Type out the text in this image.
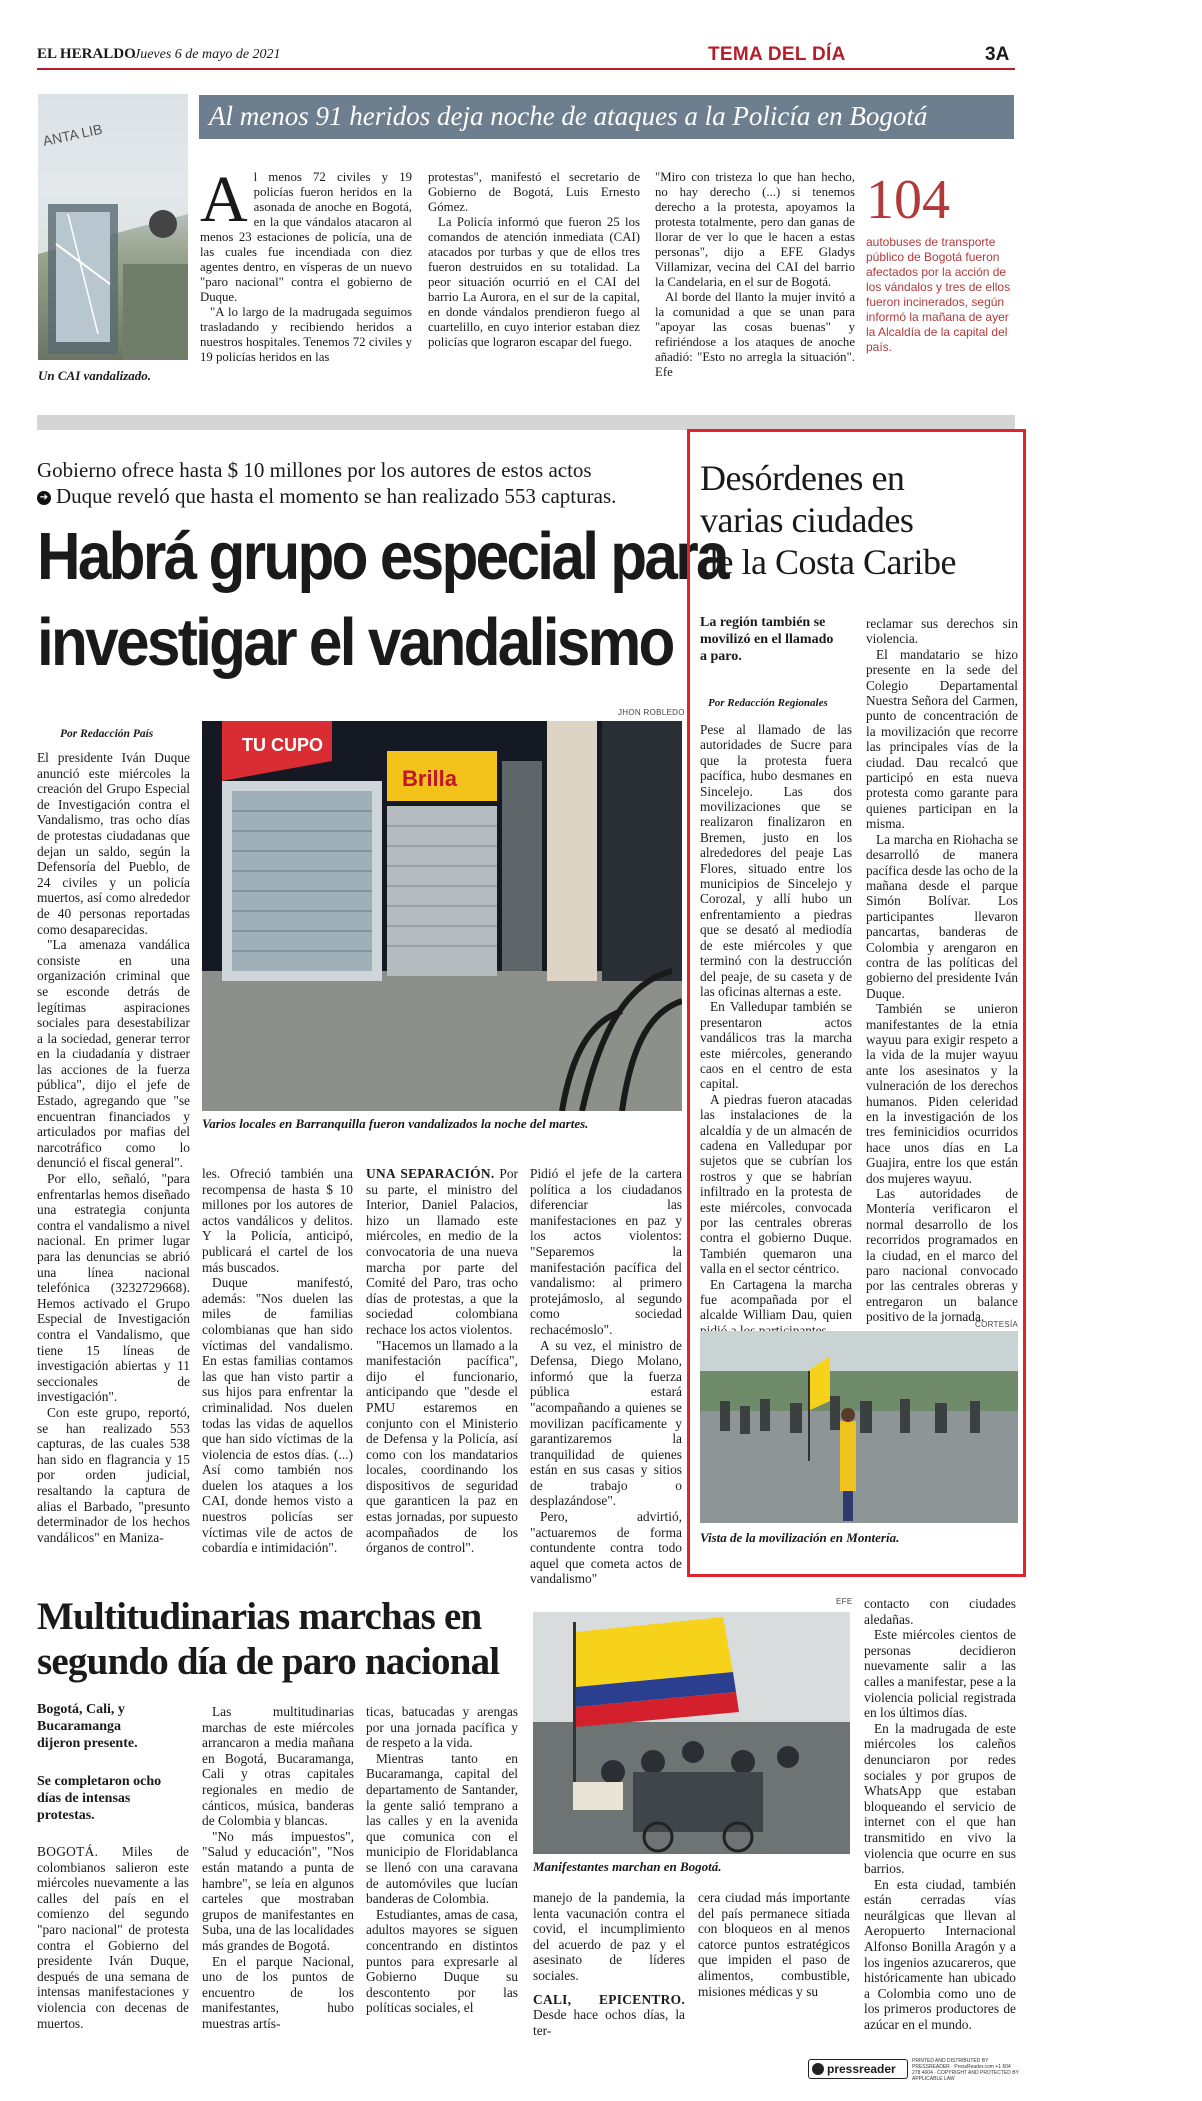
EL HERALDO
Jueves 6 de mayo de 2021	TEMA DEL DÍA	3A
ANTA LIB
Un CAI vandalizado.
Al menos 91 heridos deja noche de ataques a la Policía en Bogotá

Al menos 72 civiles y 19 policías fueron heridos en la asonada de anoche en Bogotá, en la que vándalos atacaron al menos 23 estaciones de policía, una de las cuales fue incendiada con diez agentes dentro, en vísperas de un nuevo "paro nacional" contra el gobierno de Duque.

"A lo largo de la madrugada seguimos trasladando y recibiendo heridos a nuestros hospitales. Tenemos 72 civiles y 19 policías heridos en las

protestas", manifestó el secretario de Gobierno de Bogotá, Luis Ernesto Gómez.

La Policía informó que fueron 25 los comandos de atención inmediata (CAI) atacados por turbas y que de ellos tres fueron destruidos en su totalidad. La peor situación ocurrió en el CAI del barrio La Aurora, en el sur de la capital, en donde vándalos prendieron fuego al cuartelillo, en cuyo interior estaban diez policías que lograron escapar del fuego.

"Miro con tristeza lo que han hecho, no hay derecho (...) si tenemos derecho a la protesta, apoyamos la protesta totalmente, pero dan ganas de llorar de ver lo que le hacen a estas personas", dijo a EFE Gladys Villamizar, vecina del CAI del barrio la Candelaria, en el sur de Bogotá.

Al borde del llanto la mujer invitó a la comunidad a que se unan para "apoyar las cosas buenas" y refiriéndose a los ataques de anoche añadió: "Esto no arregla la situación". Efe

104
autobuses de transporte público de Bogotá fueron afectados por la acción de los vándalos y tres de ellos fueron incinerados, según informó la mañana de ayer la Alcaldía de la capital del país.
Gobierno ofrece hasta $ 10 millones por los autores de estos actos
➔ Duque reveló que hasta el momento se han realizado 553 capturas.
Habrá grupo especial para
investigar el vandalismo
JHON ROBLEDO
Por Redacción País
TU CUPO
Brilla
Varios locales en Barranquilla fueron vandalizados la noche del martes.

El presidente Iván Duque anunció este miércoles la creación del Grupo Especial de Investigación contra el Vandalismo, tras ocho días de protestas ciudadanas que dejan un saldo, según la Defensoría del Pueblo, de 24 civiles y un policía muertos, así como alrededor de 40 personas reportadas como desaparecidas.

"La amenaza vandálica consiste en una organización criminal que se esconde detrás de legítimas aspiraciones sociales para desestabilizar a la sociedad, generar terror en la ciudadanía y distraer las acciones de la fuerza pública", dijo el jefe de Estado, agregando que "se encuentran financiados y articulados por mafias del narcotráfico como lo denunció el fiscal general".

Por ello, señaló, "para enfrentarlas hemos diseñado una estrategia conjunta contra el vandalismo a nivel nacional. En primer lugar para las denuncias se abrió una línea nacional telefónica (3232729668). Hemos activado el Grupo Especial de Investigación contra el Vandalismo, que tiene 15 líneas de investigación abiertas y 11 seccionales de investigación".

Con este grupo, reportó, se han realizado 553 capturas, de las cuales 538 han sido en flagrancia y 15 por orden judicial, resaltando la captura de alias el Barbado, "presunto determinador de los hechos vandálicos" en Maniza-

les. Ofreció también una recompensa de hasta $ 10 millones por los autores de actos vandálicos y delitos. Y la Policía, anticipó, publicará el cartel de los más buscados.

Duque manifestó, además: "Nos duelen las miles de familias colombianas que han sido víctimas del vandalismo. En estas familias contamos las que han visto partir a sus hijos para enfrentar la criminalidad. Nos duelen todas las vidas de aquellos que han sido víctimas de la violencia de estos días. (...) Así como también nos duelen los ataques a los CAI, donde hemos visto a nuestros policías ser víctimas vile de actos de cobardía e intimidación".

UNA SEPARACIÓN. Por su parte, el ministro del Interior, Daniel Palacios, hizo un llamado este miércoles, en medio de la convocatoria de una nueva marcha por parte del Comité del Paro, tras ocho días de protestas, a que la sociedad colombiana rechace los actos violentos.

"Hacemos un llamado a la manifestación pacífica", dijo el funcionario, anticipando que "desde el PMU estaremos en conjunto con el Ministerio de Defensa y la Policía, así como con los mandatarios locales, coordinando los dispositivos de seguridad que garanticen la paz en estas jornadas, por supuesto acompañados de los órganos de control".

Pidió el jefe de la cartera política a los ciudadanos diferenciar las manifestaciones en paz y los actos violentos: "Separemos la manifestación pacífica del vandalismo: al primero protejámoslo, al segundo como sociedad rechacémoslo".

A su vez, el ministro de Defensa, Diego Molano, informó que la fuerza pública estará "acompañando a quienes se movilizan pacíficamente y garantizaremos la tranquilidad de quienes están en sus casas y sitios de trabajo o desplazándose".

Pero, advirtió, "actuaremos de forma contundente contra todo aquel que cometa actos de vandalismo"

Desórdenes en
varias ciudades
de la Costa Caribe
La región también se movilizó en el llamado a paro.
Por Redacción Regionales

Pese al llamado de las autoridades de Sucre para que la protesta fuera pacífica, hubo desmanes en Sincelejo. Las dos movilizaciones que se realizaron finalizaron en Bremen, justo en los alrededores del peaje Las Flores, situado entre los municipios de Sincelejo y Corozal, y allí hubo un enfrentamiento a piedras que se desató al mediodía de este miércoles y que terminó con la destrucción del peaje, de su caseta y de las oficinas alternas a este.

En Valledupar también se presentaron actos vandálicos tras la marcha este miércoles, generando caos en el centro de esta capital.

A piedras fueron atacadas las instalaciones de la alcaldía y de un almacén de cadena en Valledupar por sujetos que se cubrían los rostros y que se habrían infiltrado en la protesta de este miércoles, convocada por las centrales obreras contra el gobierno Duque. También quemaron una valla en el sector céntrico.

En Cartagena la marcha fue acompañada por el alcalde William Dau, quien

reclamar sus derechos sin violencia.

El mandatario se hizo presente en la sede del Colegio Departamental Nuestra Señora del Carmen, punto de concentración de la movilización que recorre las principales vías de la ciudad. Dau recalcó que participó en esta nueva protesta como garante para quienes participan en la misma.

La marcha en Riohacha se desarrolló de manera pacífica desde las ocho de la mañana desde el parque Simón Bolívar. Los participantes llevaron pancartas, banderas de Colombia y arengaron en contra de las políticas del gobierno del presidente Iván Duque.

También se unieron manifestantes de la etnia wayuu para exigir respeto a la vida de la mujer wayuu ante los asesinatos y la vulneración de los derechos humanos. Piden celeridad en la investigación de los tres feminicidios ocurridos hace unos días en La Guajira, entre los que están dos mujeres wayuu.

Las autoridades de Montería verificaron el normal desarrollo de los recorridos programados en la ciudad, en el marco del paro nacional convocado por las centrales obreras y entregaron un balance positivo de la jornada.

CORTESÍA
Vista de la movilización en Montería.
Multitudinarias marchas en
segundo día de paro nacional
Bogotá, Cali, y Bucaramanga dijeron presente.
Se completaron ocho días de intensas protestas.

BOGOTÁ. Miles de colombianos salieron este miércoles nuevamente a las calles del país en el comienzo del segundo "paro nacional" de protesta contra el Gobierno del presidente Iván Duque, después de una semana de intensas manifestaciones y violencia con decenas de muertos.

Las multitudinarias marchas de este miércoles arrancaron a media mañana en Bogotá, Bucaramanga, Cali y otras capitales regionales en medio de cánticos, música, banderas de Colombia y blancas.

"No más impuestos", "Salud y educación", "Nos están matando a punta de hambre", se leía en algunos carteles que mostraban grupos de manifestantes en Suba, una de las localidades más grandes de Bogotá.

En el parque Nacional, uno de los puntos de encuentro de los manifestantes, hubo muestras artís-

ticas, batucadas y arengas por una jornada pacífica y de respeto a la vida.

Mientras tanto en Bucaramanga, capital del departamento de Santander, la gente salió temprano a las calles y en la avenida que comunica con el municipio de Floridablanca se llenó con una caravana de automóviles que lucían banderas de Colombia.

Estudiantes, amas de casa, adultos mayores se siguen concentrando en distintos puntos para expresarle al Gobierno Duque su descontento por las políticas sociales, el

EFE
Manifestantes marchan en Bogotá.

manejo de la pandemia, la lenta vacunación contra el covid, el incumplimiento del acuerdo de paz y el asesinato de líderes sociales.

CALI, EPICENTRO. Desde hace ochos días, la ter-

cera ciudad más importante del país permanece sitiada con bloqueos en al menos catorce puntos estratégicos que impiden el paso de alimentos, combustible, misiones médicas y su

contacto con ciudades aledañas.

Este miércoles cientos de personas decidieron nuevamente salir a las calles a manifestar, pese a la violencia policial registrada en los últimos días.

En la madrugada de este miércoles los caleños denunciaron por redes sociales y por grupos de WhatsApp que estaban bloqueando el servicio de internet con el que han transmitido en vivo la violencia que ocurre en sus barrios.

En esta ciudad, también están cerradas vías neurálgicas que llevan al Aeropuerto Internacional Alfonso Bonilla Aragón y a los ingenios azucareros, que históricamente han ubicado a Colombia como uno de los primeros productores de azúcar en el mundo.

pressreader
PRINTED AND DISTRIBUTED BY PRESSREADER · PressReader.com +1 604 278 4604 · COPYRIGHT AND PROTECTED BY APPLICABLE LAW
